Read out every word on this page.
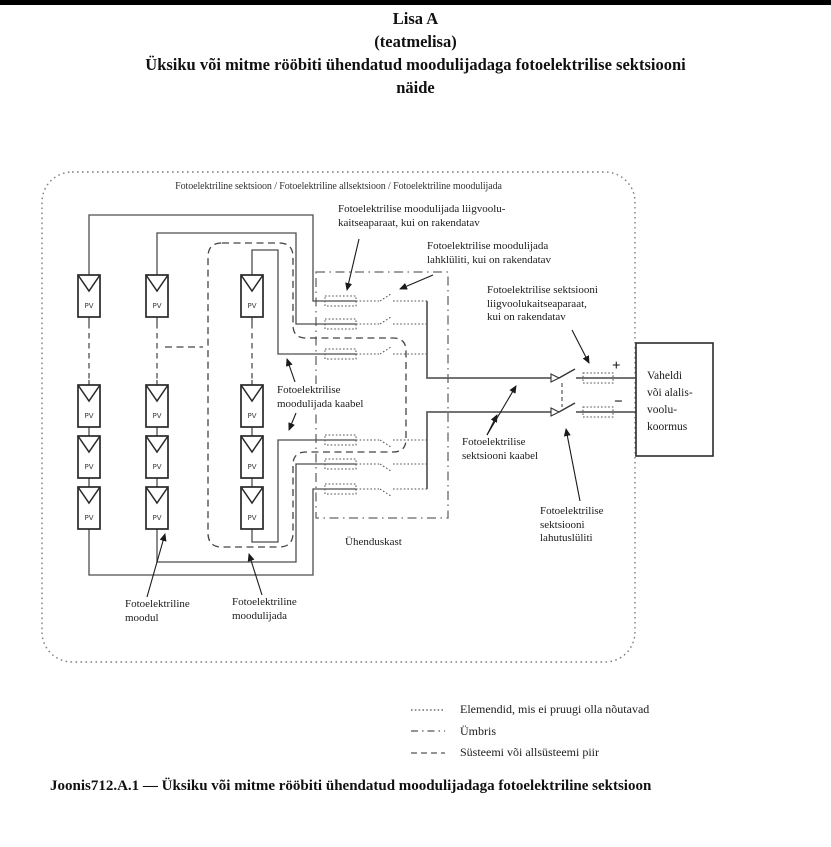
Lisa A
(teatmelisa)
Üksiku või mitme rööbiti ühendatud moodulijadaga fotoelektrilise sektsiooni
näide
PV
PV
PV
PV
PV
PV
PV
PV
PV
PV
PV
PV
Fotoelektriline sektsioon / Fotoelektriline allsektsioon / Fotoelektriline moodulijada
Fotoelektrilise moodulijada liigvoolu-
kaitseaparaat, kui on rakendatav
Fotoelektrilise moodulijada
lahklüliti, kui on rakendatav
Fotoelektrilise sektsiooni
liigvoolukaitseaparaat,
kui on rakendatav
Fotoelektrilise
moodulijada kaabel
Fotoelektrilise
sektsiooni kaabel
Fotoelektrilise
sektsiooni
lahutuslüliti
Ühenduskast
Fotoelektriline
moodul
Fotoelektriline
moodulijada
+
−
Vaheldi
või alalis-
voolu-
koormus
Elemendid, mis ei pruugi olla nõutavad
Ümbris
Süsteemi või allsüsteemi piir
Joonis712.A.1 — Üksiku või mitme rööbiti ühendatud moodulijadaga fotoelektriline sektsioon
